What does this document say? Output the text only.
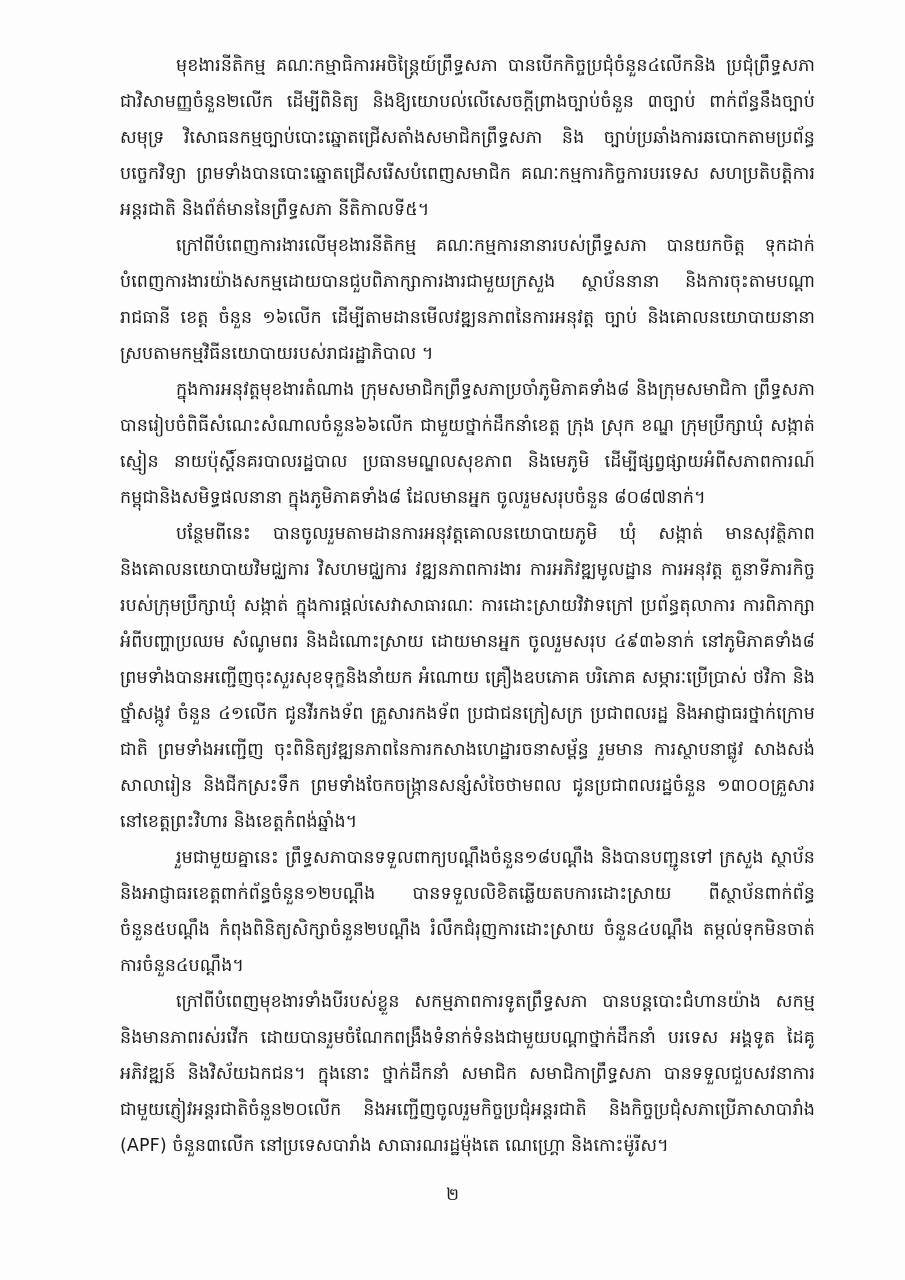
មុខងារនីតិកម្ម គណៈកម្មាធិការអចិន្ត្រៃយ៍ព្រឹទ្ធសភា បានបើកកិច្ចប្រជុំចំនួន៤លើកនិង ប្រជុំព្រឹទ្ធសភាជាវិសាមញ្ញចំនួន២លើក ដើម្បីពិនិត្យ និងឱ្យយោបល់លើសេចក្ដីព្រាងច្បាប់ចំនួន ៣ច្បាប់ ពាក់ព័ន្ធនឹងច្បាប់សមុទ្រ វិសោធនកម្មច្បាប់បោះឆ្នោតជ្រើសតាំងសមាជិកព្រឹទ្ធសភា និង ច្បាប់ប្រឆាំងការឆបោកតាមប្រព័ន្ធបច្ចេកវិទ្យា ព្រមទាំងបានបោះឆ្នោតជ្រើសរើសបំពេញសមាជិក គណៈកម្មការកិច្ចការបរទេស សហប្រតិបត្តិការអន្តរជាតិ និងព័ត៌មាននៃព្រឹទ្ធសភា នីតិកាលទី៥។

ក្រៅពីបំពេញការងារលើមុខងារនីតិកម្ម គណៈកម្មការនានារបស់ព្រឹទ្ធសភា បានយកចិត្ត ទុកដាក់បំពេញការងារយ៉ាងសកម្មដោយបានជួបពិភាក្សាការងារជាមួយក្រសួង ស្ថាប័ននានា និងការចុះតាមបណ្ដារាជធានី ខេត្ត ចំនួន ១៦លើក ដើម្បីតាមដានមើលវឌ្ឍនភាពនៃការអនុវត្ត ច្បាប់ និងគោលនយោបាយនានា ស្របតាមកម្មវិធីនយោបាយរបស់រាជរដ្ឋាភិបាល ។

ក្នុងការអនុវត្តមុខងារតំណាង ក្រុមសមាជិកព្រឹទ្ធសភាប្រចាំភូមិភាគទាំង៨ និងក្រុមសមាជិកា ព្រឹទ្ធសភា បានរៀបចំពិធីសំណេះសំណាលចំនួន៦៦លើក ជាមួយថ្នាក់ដឹកនាំខេត្ត ក្រុង ស្រុក ខណ្ឌ ក្រុមប្រឹក្សាឃុំ សង្កាត់ ស្មៀន នាយប៉ុស្តិ៍នគរបាលរដ្ឋបាល ប្រធានមណ្ឌលសុខភាព និងមេភូមិ ដើម្បីផ្សព្វផ្សាយអំពីសភាពការណ៍កម្ពុជានិងសមិទ្ធផលនានា ក្នុងភូមិភាគទាំង៨ ដែលមានអ្នក ចូលរួមសរុបចំនួន ៨០៨៧នាក់។

បន្ថែមពីនេះ បានចូលរួមតាមដានការអនុវត្តគោលនយោបាយភូមិ ឃុំ សង្កាត់ មានសុវត្ថិភាព និងគោលនយោបាយវិមជ្ឈការ វិសហមជ្ឈការ វឌ្ឍនភាពការងារ ការអភិវឌ្ឍមូលដ្ឋាន ការអនុវត្ត តួនាទីភារកិច្ចរបស់ក្រុមប្រឹក្សាឃុំ សង្កាត់ ក្នុងការផ្ដល់សេវាសាធារណៈ ការដោះស្រាយវិវាទក្រៅ ប្រព័ន្ធតុលាការ ការពិភាក្សាអំពីបញ្ហាប្រឈម សំណូមពរ និងដំណោះស្រាយ ដោយមានអ្នក ចូលរួមសរុប ៤៩៣៦នាក់ នៅភូមិភាគទាំង៨ ព្រមទាំងបានអញ្ជើញចុះសួរសុខទុក្ខនិងនាំយក អំណោយ គ្រឿងឧបភោគ បរិភោគ សម្ភារៈប្រើប្រាស់ ថវិកា និងថ្នាំសង្កូវ ចំនួន ៤១លើក ជូនវីរកងទ័ព គ្រួសារកងទ័ព ប្រជាជនក្រៀសក្រ ប្រជាពលរដ្ឋ និងអាជ្ញាធរថ្នាក់ក្រោមជាតិ ព្រមទាំងអញ្ជើញ ចុះពិនិត្យវឌ្ឍនភាពនៃការកសាងហេដ្ឋារចនាសម្ព័ន្ធ រួមមាន ការស្ថាបនាផ្លូវ សាងសង់សាលារៀន និងជីកស្រះទឹក ព្រមទាំងចែកចង្ក្រានសន្សំសំចៃថាមពល ជូនប្រជាពលរដ្ឋចំនួន ១៣០០គ្រួសារ នៅខេត្តព្រះវិហារ និងខេត្តកំពង់ឆ្នាំង។

រួមជាមួយគ្នានេះ ព្រឹទ្ធសភាបានទទួលពាក្យបណ្ដឹងចំនួន១៨បណ្ដឹង និងបានបញ្ជូនទៅ ក្រសួង ស្ថាប័ន និងអាជ្ញាធរខេត្តពាក់ព័ន្ធចំនួន១២បណ្ដឹង បានទទួលលិខិតឆ្លើយតបការដោះស្រាយ ពីស្ថាប័នពាក់ព័ន្ធចំនួន៥បណ្ដឹង កំពុងពិនិត្យសិក្សាចំនួន២បណ្ដឹង រំលឹកជំរុញការដោះស្រាយ ចំនួន៤បណ្ដឹង តម្កល់ទុកមិនចាត់ការចំនួន៤បណ្ដឹង។

ក្រៅពីបំពេញមុខងារទាំងបីរបស់ខ្លួន សកម្មភាពការទូតព្រឹទ្ធសភា បានបន្តបោះជំហានយ៉ាង សកម្ម និងមានភាពរស់រវើក ដោយបានរួមចំណែកពង្រឹងទំនាក់ទំនងជាមួយបណ្ដាថ្នាក់ដឹកនាំ បរទេស អង្គទូត ដៃគូអភិវឌ្ឍន៍ និងវិស័យឯកជន។ ក្នុងនោះ ថ្នាក់ដឹកនាំ សមាជិក សមាជិកាព្រឹទ្ធសភា បានទទួលជួបសវនាការជាមួយភ្ញៀវអន្តរជាតិចំនួន២០លើក និងអញ្ជើញចូលរួមកិច្ចប្រជុំអន្តរជាតិ និងកិច្ចប្រជុំសភាប្រើភាសាបារាំង (APF) ចំនួន៣លើក នៅប្រទេសបារាំង សាធារណរដ្ឋម៉ុងតេ ណេហ្គ្រោ និងកោះម៉ូរីស។

២
